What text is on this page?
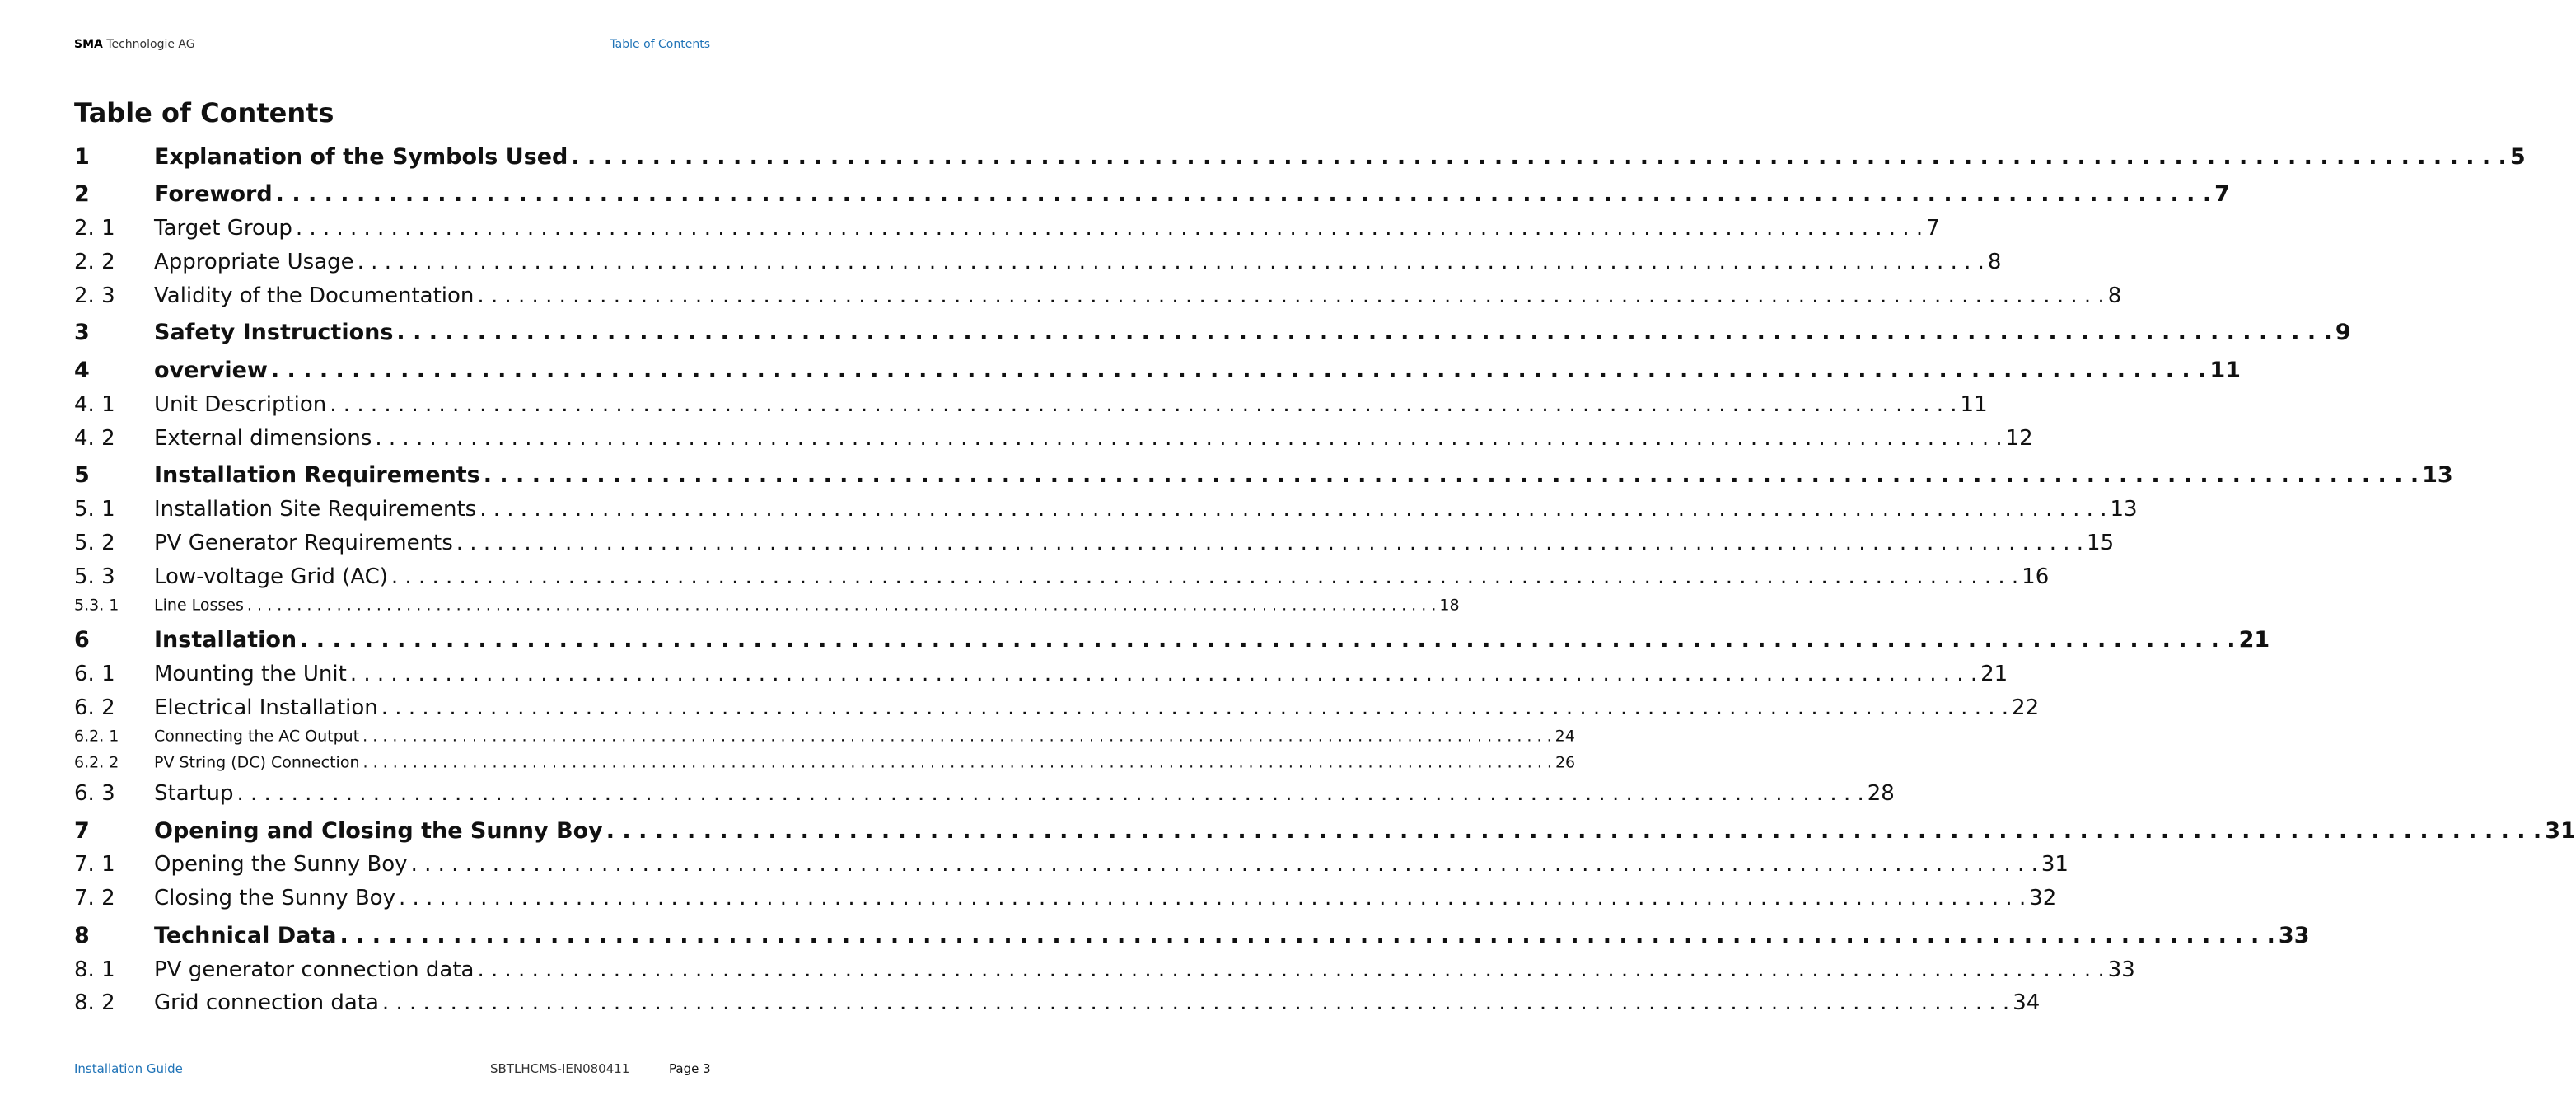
SMA Technologie AG	Table of Contents
Table of Contents
1	Explanation of the Symbols Used . . . . . . . . . . . . . . . . . . . . . . . . . . . . . . . . . . . . . . . . . . . . . . . . . . . . . . . . . . . . . . . . . . . . . . . . . . . . . . . . . . . . . . . . . . . . . . . . . . . . . . . . . . . . . . . . . . . . . . . . 5
2	Foreword . . . . . . . . . . . . . . . . . . . . . . . . . . . . . . . . . . . . . . . . . . . . . . . . . . . . . . . . . . . . . . . . . . . . . . . . . . . . . . . . . . . . . . . . . . . . . . . . . . . . . . . . . . . . . . . . . . . . . . . . 7
2. 1	Target Group . . . . . . . . . . . . . . . . . . . . . . . . . . . . . . . . . . . . . . . . . . . . . . . . . . . . . . . . . . . . . . . . . . . . . . . . . . . . . . . . . . . . . . . . . . . . . . . . . . . . . . . . . . . . . . . . . . . . . . . . 7
2. 2	Appropriate Usage . . . . . . . . . . . . . . . . . . . . . . . . . . . . . . . . . . . . . . . . . . . . . . . . . . . . . . . . . . . . . . . . . . . . . . . . . . . . . . . . . . . . . . . . . . . . . . . . . . . . . . . . . . . . . . . . . . . . . . . . 8
2. 3	Validity of the Documentation . . . . . . . . . . . . . . . . . . . . . . . . . . . . . . . . . . . . . . . . . . . . . . . . . . . . . . . . . . . . . . . . . . . . . . . . . . . . . . . . . . . . . . . . . . . . . . . . . . . . . . . . . . . . . . . . . . . . . . . . 8
3	Safety Instructions . . . . . . . . . . . . . . . . . . . . . . . . . . . . . . . . . . . . . . . . . . . . . . . . . . . . . . . . . . . . . . . . . . . . . . . . . . . . . . . . . . . . . . . . . . . . . . . . . . . . . . . . . . . . . . . . . . . . . . . . 9
4	overview . . . . . . . . . . . . . . . . . . . . . . . . . . . . . . . . . . . . . . . . . . . . . . . . . . . . . . . . . . . . . . . . . . . . . . . . . . . . . . . . . . . . . . . . . . . . . . . . . . . . . . . . . . . . . . . . . . . . . . . . 11
4. 1	Unit Description . . . . . . . . . . . . . . . . . . . . . . . . . . . . . . . . . . . . . . . . . . . . . . . . . . . . . . . . . . . . . . . . . . . . . . . . . . . . . . . . . . . . . . . . . . . . . . . . . . . . . . . . . . . . . . . . . . . . . . . . 11
4. 2	External dimensions . . . . . . . . . . . . . . . . . . . . . . . . . . . . . . . . . . . . . . . . . . . . . . . . . . . . . . . . . . . . . . . . . . . . . . . . . . . . . . . . . . . . . . . . . . . . . . . . . . . . . . . . . . . . . . . . . . . . . . . . 12
5	Installation Requirements . . . . . . . . . . . . . . . . . . . . . . . . . . . . . . . . . . . . . . . . . . . . . . . . . . . . . . . . . . . . . . . . . . . . . . . . . . . . . . . . . . . . . . . . . . . . . . . . . . . . . . . . . . . . . . . . . . . . . . . . 13
5. 1	Installation Site Requirements . . . . . . . . . . . . . . . . . . . . . . . . . . . . . . . . . . . . . . . . . . . . . . . . . . . . . . . . . . . . . . . . . . . . . . . . . . . . . . . . . . . . . . . . . . . . . . . . . . . . . . . . . . . . . . . . . . . . . . . . 13
5. 2	PV Generator Requirements . . . . . . . . . . . . . . . . . . . . . . . . . . . . . . . . . . . . . . . . . . . . . . . . . . . . . . . . . . . . . . . . . . . . . . . . . . . . . . . . . . . . . . . . . . . . . . . . . . . . . . . . . . . . . . . . . . . . . . . . 15
5. 3	Low-voltage Grid (AC) . . . . . . . . . . . . . . . . . . . . . . . . . . . . . . . . . . . . . . . . . . . . . . . . . . . . . . . . . . . . . . . . . . . . . . . . . . . . . . . . . . . . . . . . . . . . . . . . . . . . . . . . . . . . . . . . . . . . . . . . 16
5.3. 1	Line Losses . . . . . . . . . . . . . . . . . . . . . . . . . . . . . . . . . . . . . . . . . . . . . . . . . . . . . . . . . . . . . . . . . . . . . . . . . . . . . . . . . . . . . . . . . . . . . . . . . . . . . . . . . . . . . . . . . . . . . . . . 18
6	Installation . . . . . . . . . . . . . . . . . . . . . . . . . . . . . . . . . . . . . . . . . . . . . . . . . . . . . . . . . . . . . . . . . . . . . . . . . . . . . . . . . . . . . . . . . . . . . . . . . . . . . . . . . . . . . . . . . . . . . . . . 21
6. 1	Mounting the Unit . . . . . . . . . . . . . . . . . . . . . . . . . . . . . . . . . . . . . . . . . . . . . . . . . . . . . . . . . . . . . . . . . . . . . . . . . . . . . . . . . . . . . . . . . . . . . . . . . . . . . . . . . . . . . . . . . . . . . . . . 21
6. 2	Electrical Installation . . . . . . . . . . . . . . . . . . . . . . . . . . . . . . . . . . . . . . . . . . . . . . . . . . . . . . . . . . . . . . . . . . . . . . . . . . . . . . . . . . . . . . . . . . . . . . . . . . . . . . . . . . . . . . . . . . . . . . . . 22
6.2. 1	Connecting the AC Output . . . . . . . . . . . . . . . . . . . . . . . . . . . . . . . . . . . . . . . . . . . . . . . . . . . . . . . . . . . . . . . . . . . . . . . . . . . . . . . . . . . . . . . . . . . . . . . . . . . . . . . . . . . . . . . . . . . . . . . . 24
6.2. 2	PV String (DC) Connection . . . . . . . . . . . . . . . . . . . . . . . . . . . . . . . . . . . . . . . . . . . . . . . . . . . . . . . . . . . . . . . . . . . . . . . . . . . . . . . . . . . . . . . . . . . . . . . . . . . . . . . . . . . . . . . . . . . . . . . . 26
6. 3	Startup . . . . . . . . . . . . . . . . . . . . . . . . . . . . . . . . . . . . . . . . . . . . . . . . . . . . . . . . . . . . . . . . . . . . . . . . . . . . . . . . . . . . . . . . . . . . . . . . . . . . . . . . . . . . . . . . . . . . . . . . 28
7	Opening and Closing the Sunny Boy . . . . . . . . . . . . . . . . . . . . . . . . . . . . . . . . . . . . . . . . . . . . . . . . . . . . . . . . . . . . . . . . . . . . . . . . . . . . . . . . . . . . . . . . . . . . . . . . . . . . . . . . . . . . . . . . . . . . . . . . 31
7. 1	Opening the Sunny Boy . . . . . . . . . . . . . . . . . . . . . . . . . . . . . . . . . . . . . . . . . . . . . . . . . . . . . . . . . . . . . . . . . . . . . . . . . . . . . . . . . . . . . . . . . . . . . . . . . . . . . . . . . . . . . . . . . . . . . . . . 31
7. 2	Closing the Sunny Boy . . . . . . . . . . . . . . . . . . . . . . . . . . . . . . . . . . . . . . . . . . . . . . . . . . . . . . . . . . . . . . . . . . . . . . . . . . . . . . . . . . . . . . . . . . . . . . . . . . . . . . . . . . . . . . . . . . . . . . . . 32
8	Technical Data . . . . . . . . . . . . . . . . . . . . . . . . . . . . . . . . . . . . . . . . . . . . . . . . . . . . . . . . . . . . . . . . . . . . . . . . . . . . . . . . . . . . . . . . . . . . . . . . . . . . . . . . . . . . . . . . . . . . . . . . 33
8. 1	PV generator connection data . . . . . . . . . . . . . . . . . . . . . . . . . . . . . . . . . . . . . . . . . . . . . . . . . . . . . . . . . . . . . . . . . . . . . . . . . . . . . . . . . . . . . . . . . . . . . . . . . . . . . . . . . . . . . . . . . . . . . . . . 33
8. 2	Grid connection data . . . . . . . . . . . . . . . . . . . . . . . . . . . . . . . . . . . . . . . . . . . . . . . . . . . . . . . . . . . . . . . . . . . . . . . . . . . . . . . . . . . . . . . . . . . . . . . . . . . . . . . . . . . . . . . . . . . . . . . . 34
Installation Guide	SBTLHCMS-IEN080411	Page 3
